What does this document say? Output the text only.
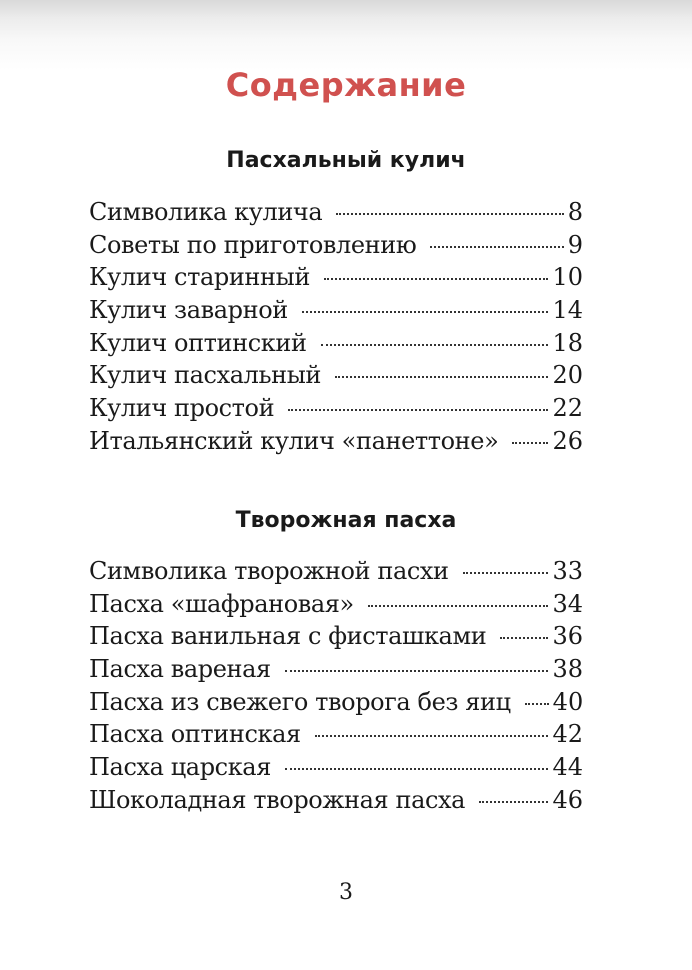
Содержание
Пасхальный кулич
Символика кулича	8
Советы по приготовлению	9
Кулич старинный	10
Кулич заварной	14
Кулич оптинский	18
Кулич пасхальный	20
Кулич простой	22
Итальянский кулич «панеттоне» 26
Творожная пасха
Символика творожной пасхи	33
Пасха «шафрановая»	34
Пасха ванильная с фисташками	36
Пасха вареная	38
Пасха из свежего творога без яиц 40
Пасха оптинская	42
Пасха царская	44
Шоколадная творожная пасха	46
3
